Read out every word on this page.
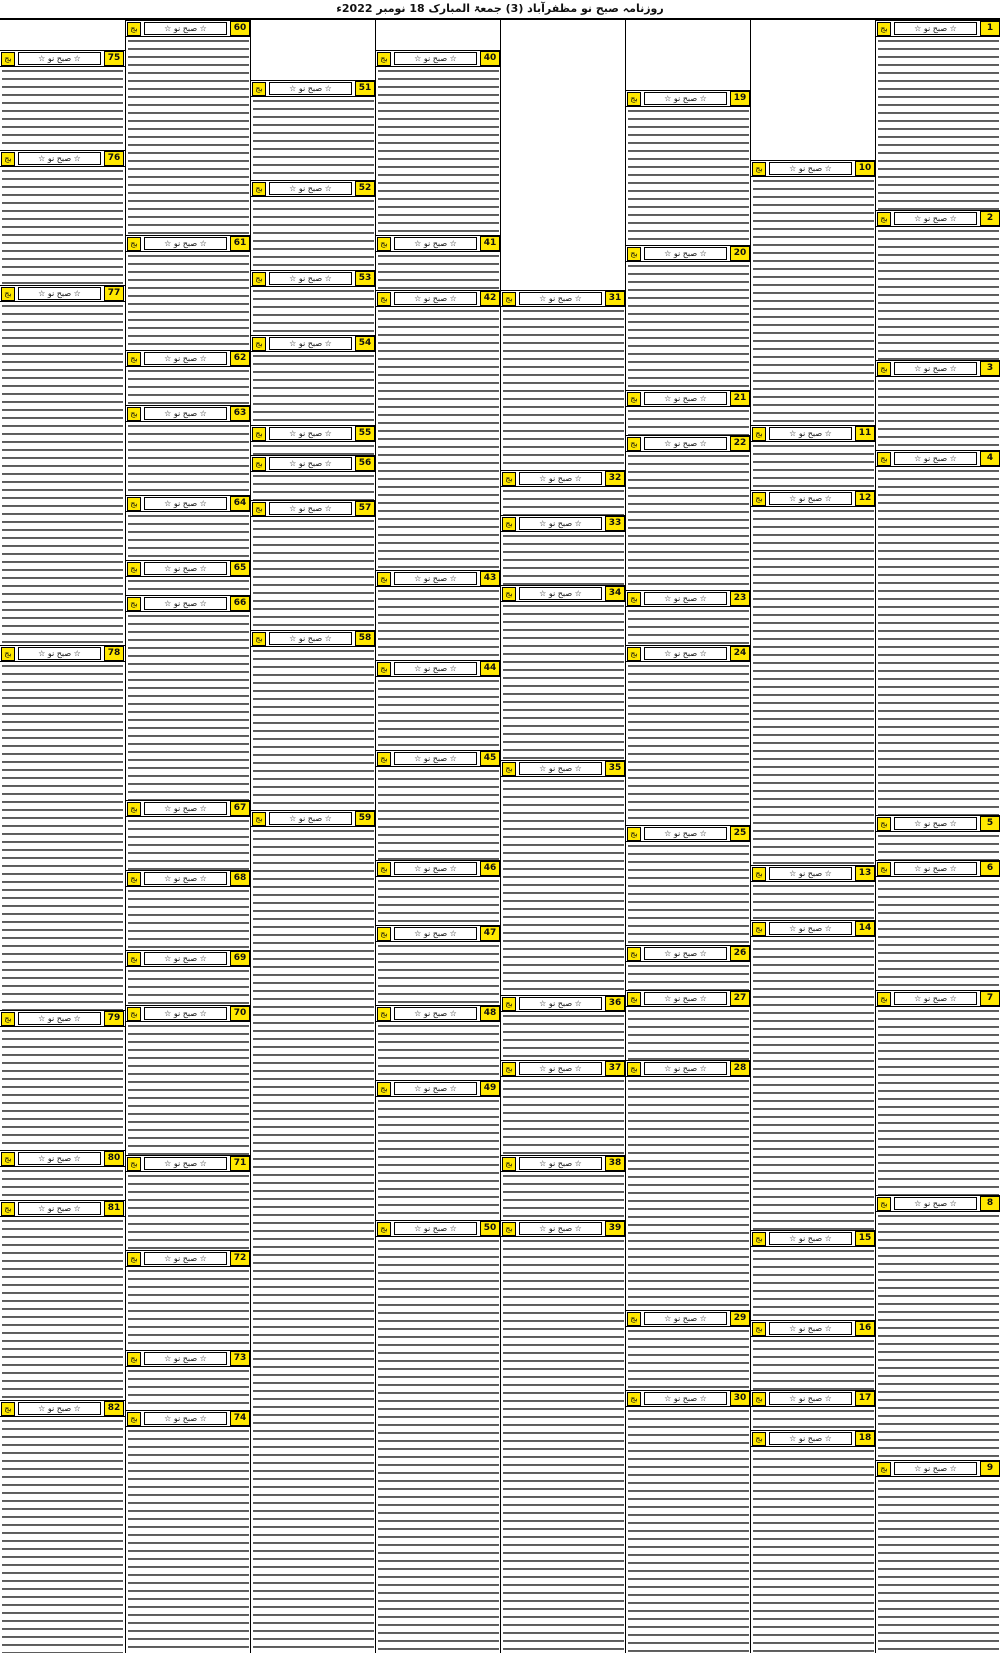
روزنامہ صبح نو مظفرآباد (3) جمعۃ المبارک 18 نومبر 2022ء
75
☆ صبح نو ☆
بج
76
☆ صبح نو ☆
بج
77
☆ صبح نو ☆
بج
78
☆ صبح نو ☆
بج
79
☆ صبح نو ☆
بج
80
☆ صبح نو ☆
بج
81
☆ صبح نو ☆
بج
82
☆ صبح نو ☆
بج
60
☆ صبح نو ☆
بج
61
☆ صبح نو ☆
بج
62
☆ صبح نو ☆
بج
63
☆ صبح نو ☆
بج
64
☆ صبح نو ☆
بج
65
☆ صبح نو ☆
بج
66
☆ صبح نو ☆
بج
67
☆ صبح نو ☆
بج
68
☆ صبح نو ☆
بج
69
☆ صبح نو ☆
بج
70
☆ صبح نو ☆
بج
71
☆ صبح نو ☆
بج
72
☆ صبح نو ☆
بج
73
☆ صبح نو ☆
بج
74
☆ صبح نو ☆
بج
51
☆ صبح نو ☆
بج
52
☆ صبح نو ☆
بج
53
☆ صبح نو ☆
بج
54
☆ صبح نو ☆
بج
55
☆ صبح نو ☆
بج
56
☆ صبح نو ☆
بج
57
☆ صبح نو ☆
بج
58
☆ صبح نو ☆
بج
59
☆ صبح نو ☆
بج
40
☆ صبح نو ☆
بج
41
☆ صبح نو ☆
بج
42
☆ صبح نو ☆
بج
43
☆ صبح نو ☆
بج
44
☆ صبح نو ☆
بج
45
☆ صبح نو ☆
بج
46
☆ صبح نو ☆
بج
47
☆ صبح نو ☆
بج
48
☆ صبح نو ☆
بج
49
☆ صبح نو ☆
بج
50
☆ صبح نو ☆
بج
31
☆ صبح نو ☆
بج
32
☆ صبح نو ☆
بج
33
☆ صبح نو ☆
بج
34
☆ صبح نو ☆
بج
35
☆ صبح نو ☆
بج
36
☆ صبح نو ☆
بج
37
☆ صبح نو ☆
بج
38
☆ صبح نو ☆
بج
39
☆ صبح نو ☆
بج
19
☆ صبح نو ☆
بج
20
☆ صبح نو ☆
بج
21
☆ صبح نو ☆
بج
22
☆ صبح نو ☆
بج
23
☆ صبح نو ☆
بج
24
☆ صبح نو ☆
بج
25
☆ صبح نو ☆
بج
26
☆ صبح نو ☆
بج
27
☆ صبح نو ☆
بج
28
☆ صبح نو ☆
بج
29
☆ صبح نو ☆
بج
30
☆ صبح نو ☆
بج
10
☆ صبح نو ☆
بج
11
☆ صبح نو ☆
بج
12
☆ صبح نو ☆
بج
13
☆ صبح نو ☆
بج
14
☆ صبح نو ☆
بج
15
☆ صبح نو ☆
بج
16
☆ صبح نو ☆
بج
17
☆ صبح نو ☆
بج
18
☆ صبح نو ☆
بج
1
☆ صبح نو ☆
بج
2
☆ صبح نو ☆
بج
3
☆ صبح نو ☆
بج
4
☆ صبح نو ☆
بج
5
☆ صبح نو ☆
بج
6
☆ صبح نو ☆
بج
7
☆ صبح نو ☆
بج
8
☆ صبح نو ☆
بج
9
☆ صبح نو ☆
بج
